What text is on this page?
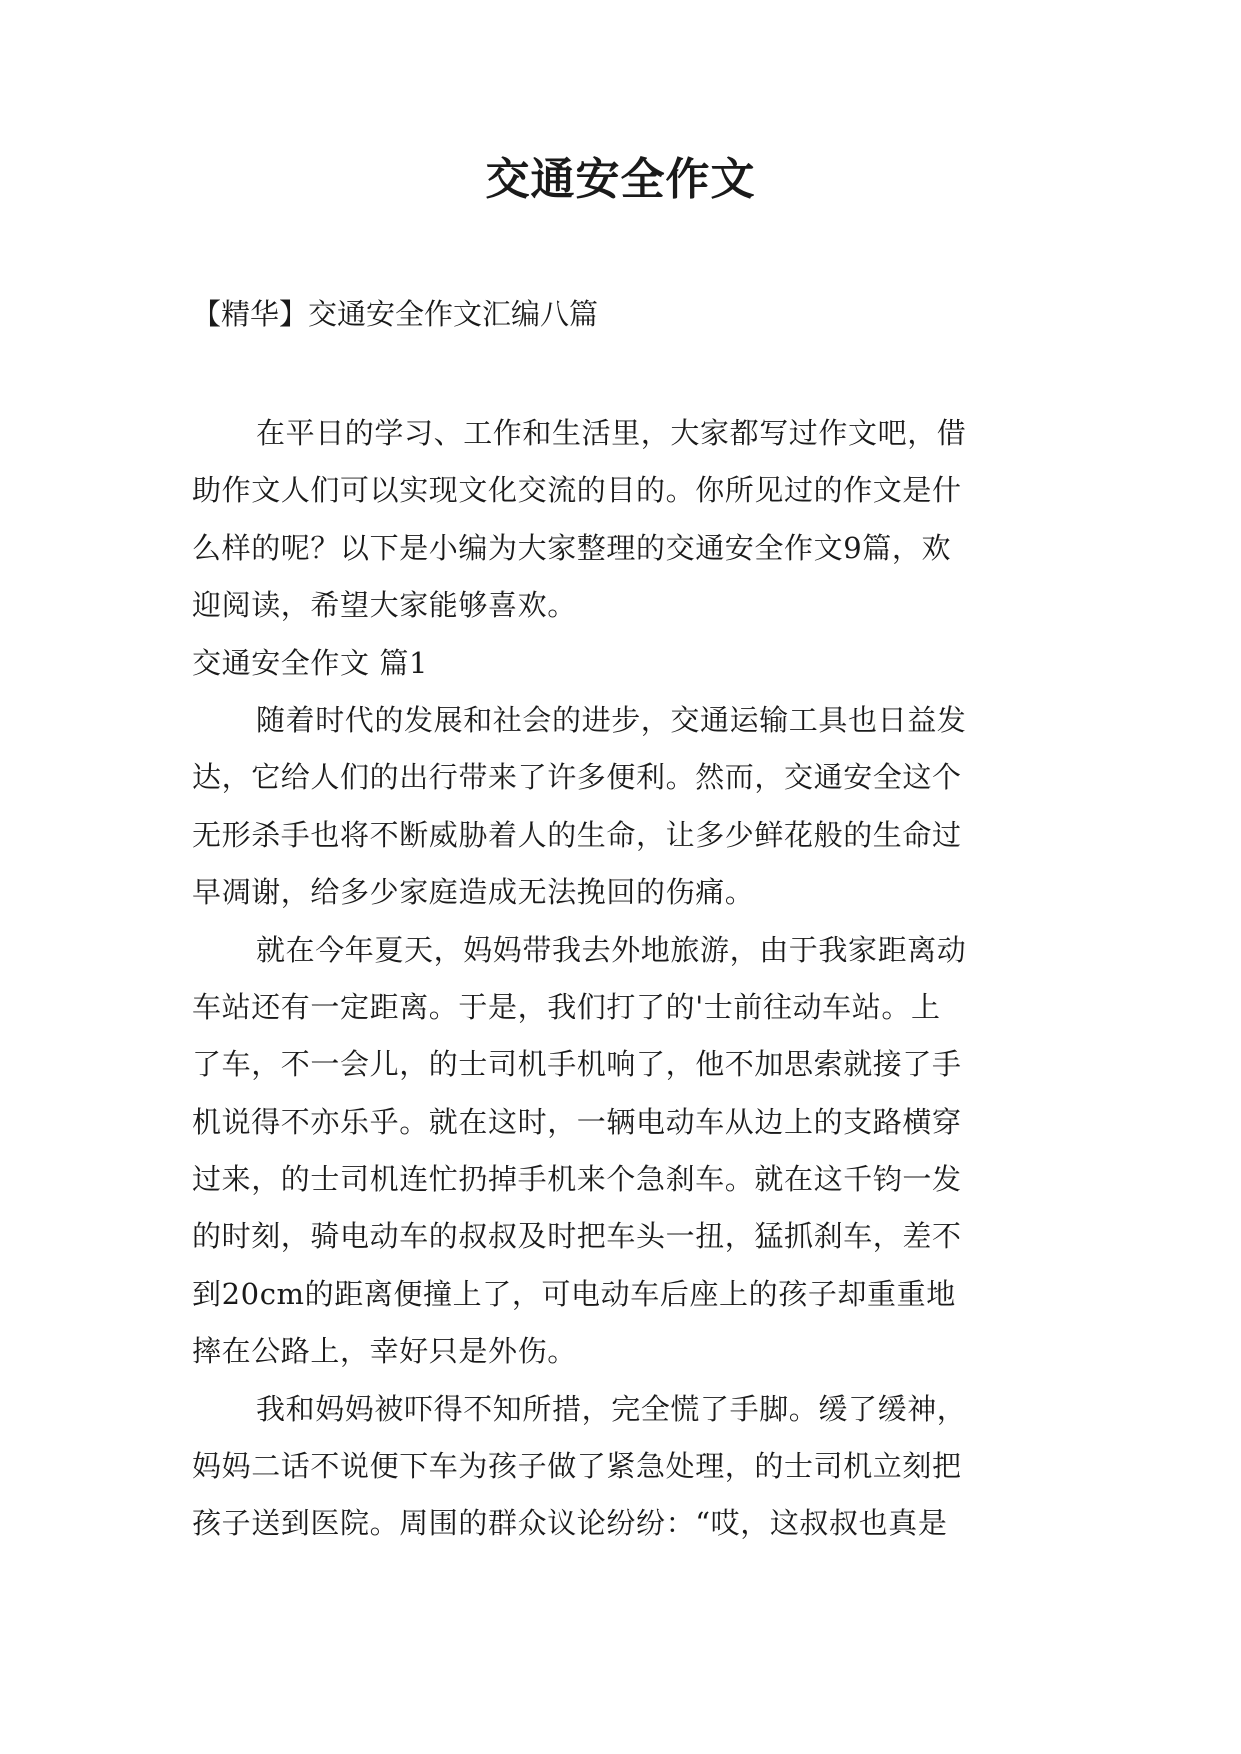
交通安全作文
【精华】交通安全作文汇编八篇
在平日的学习、工作和生活里，大家都写过作文吧，借
助作文人们可以实现文化交流的目的。你所见过的作文是什
么样的呢？以下是小编为大家整理的交通安全作文9篇，欢
迎阅读，希望大家能够喜欢。
交通安全作文 篇1
随着时代的发展和社会的进步，交通运输工具也日益发
达，它给人们的出行带来了许多便利。然而，交通安全这个
无形杀手也将不断威胁着人的生命，让多少鲜花般的生命过
早凋谢，给多少家庭造成无法挽回的伤痛。
就在今年夏天，妈妈带我去外地旅游，由于我家距离动
车站还有一定距离。于是，我们打了的'士前往动车站。上
了车，不一会儿，的士司机手机响了，他不加思索就接了手
机说得不亦乐乎。就在这时，一辆电动车从边上的支路横穿
过来，的士司机连忙扔掉手机来个急刹车。就在这千钧一发
的时刻，骑电动车的叔叔及时把车头一扭，猛抓刹车，差不
到20cm的距离便撞上了，可电动车后座上的孩子却重重地
摔在公路上，幸好只是外伤。
我和妈妈被吓得不知所措，完全慌了手脚。缓了缓神，
妈妈二话不说便下车为孩子做了紧急处理，的士司机立刻把
孩子送到医院。周围的群众议论纷纷：“哎，这叔叔也真是
